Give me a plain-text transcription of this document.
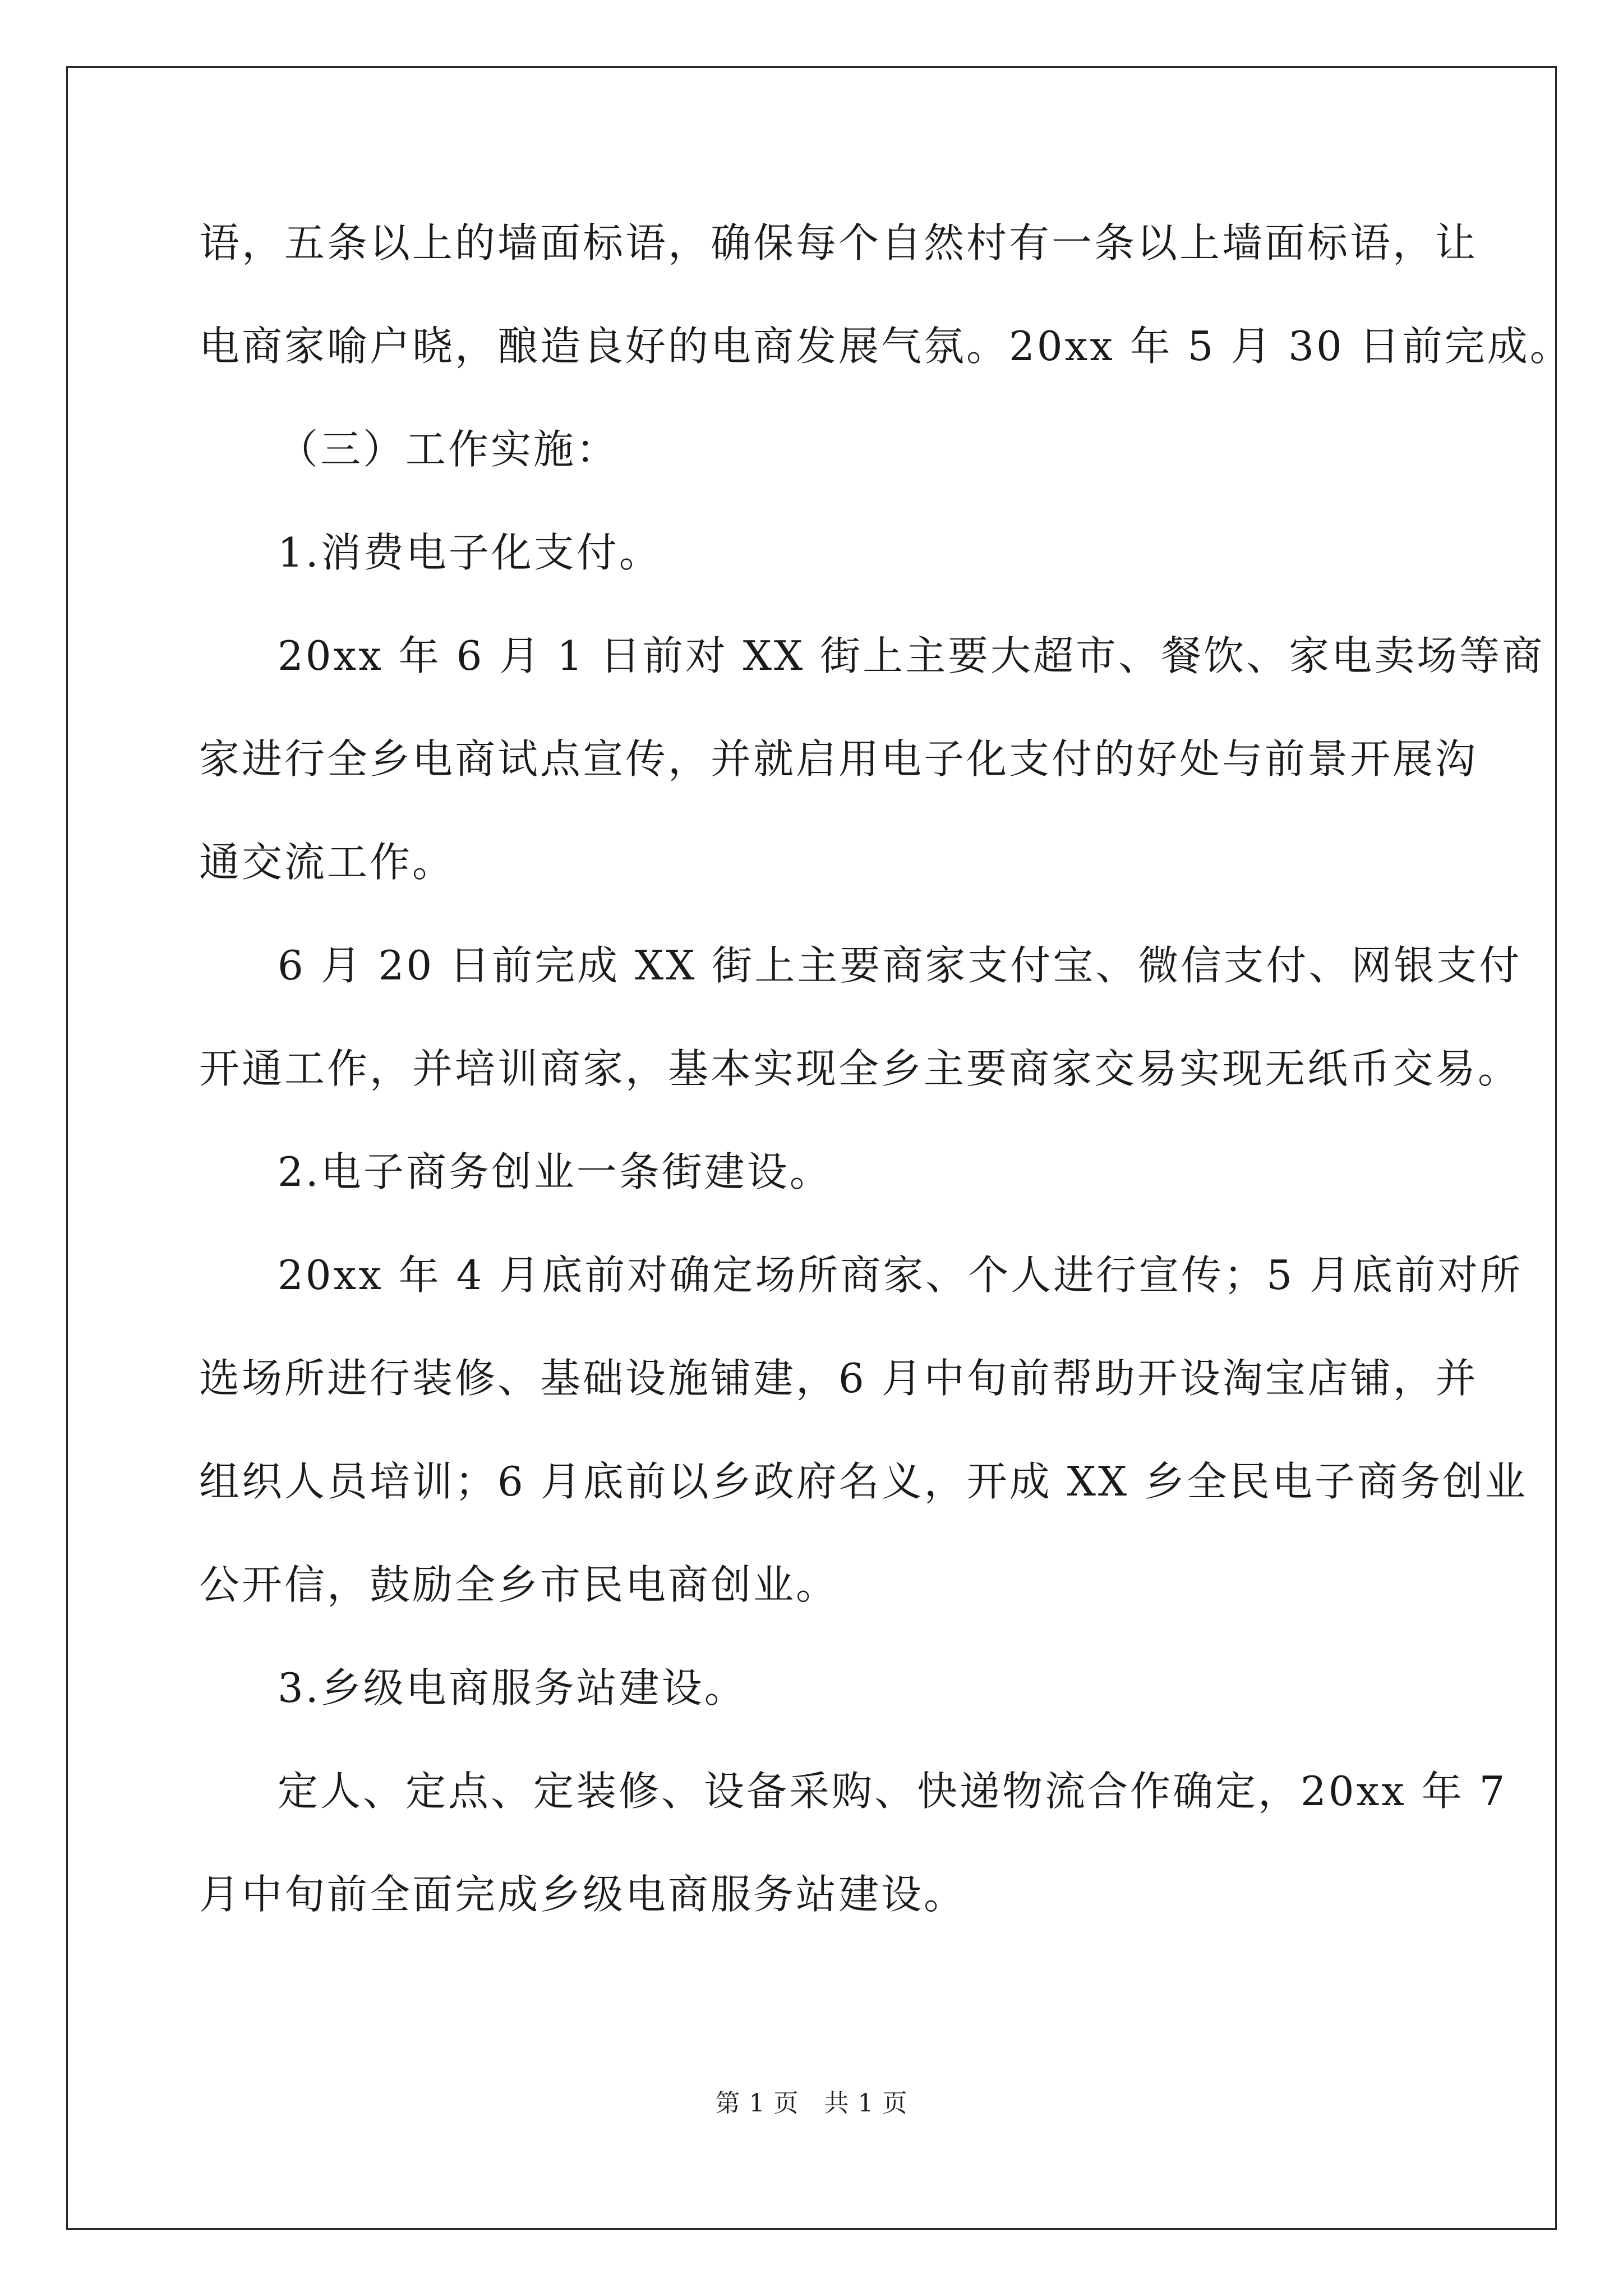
语，五条以上的墙面标语，确保每个自然村有一条以上墙面标语，让
电商家喻户晓，酿造良好的电商发展气氛。20xx 年 5 月 30 日前完成。
（三）工作实施：
1.消费电子化支付。
20xx 年 6 月 1 日前对 XX 街上主要大超市、餐饮、家电卖场等商
家进行全乡电商试点宣传，并就启用电子化支付的好处与前景开展沟
通交流工作。
6 月 20 日前完成 XX 街上主要商家支付宝、微信支付、网银支付
开通工作，并培训商家，基本实现全乡主要商家交易实现无纸币交易。
2.电子商务创业一条街建设。
20xx 年 4 月底前对确定场所商家、个人进行宣传；5 月底前对所
选场所进行装修、基础设施铺建，6 月中旬前帮助开设淘宝店铺，并
组织人员培训；6 月底前以乡政府名义，开成 XX 乡全民电子商务创业
公开信，鼓励全乡市民电商创业。
3.乡级电商服务站建设。
定人、定点、定装修、设备采购、快递物流合作确定，20xx 年 7
月中旬前全面完成乡级电商服务站建设。
第 1 页　共 1 页
